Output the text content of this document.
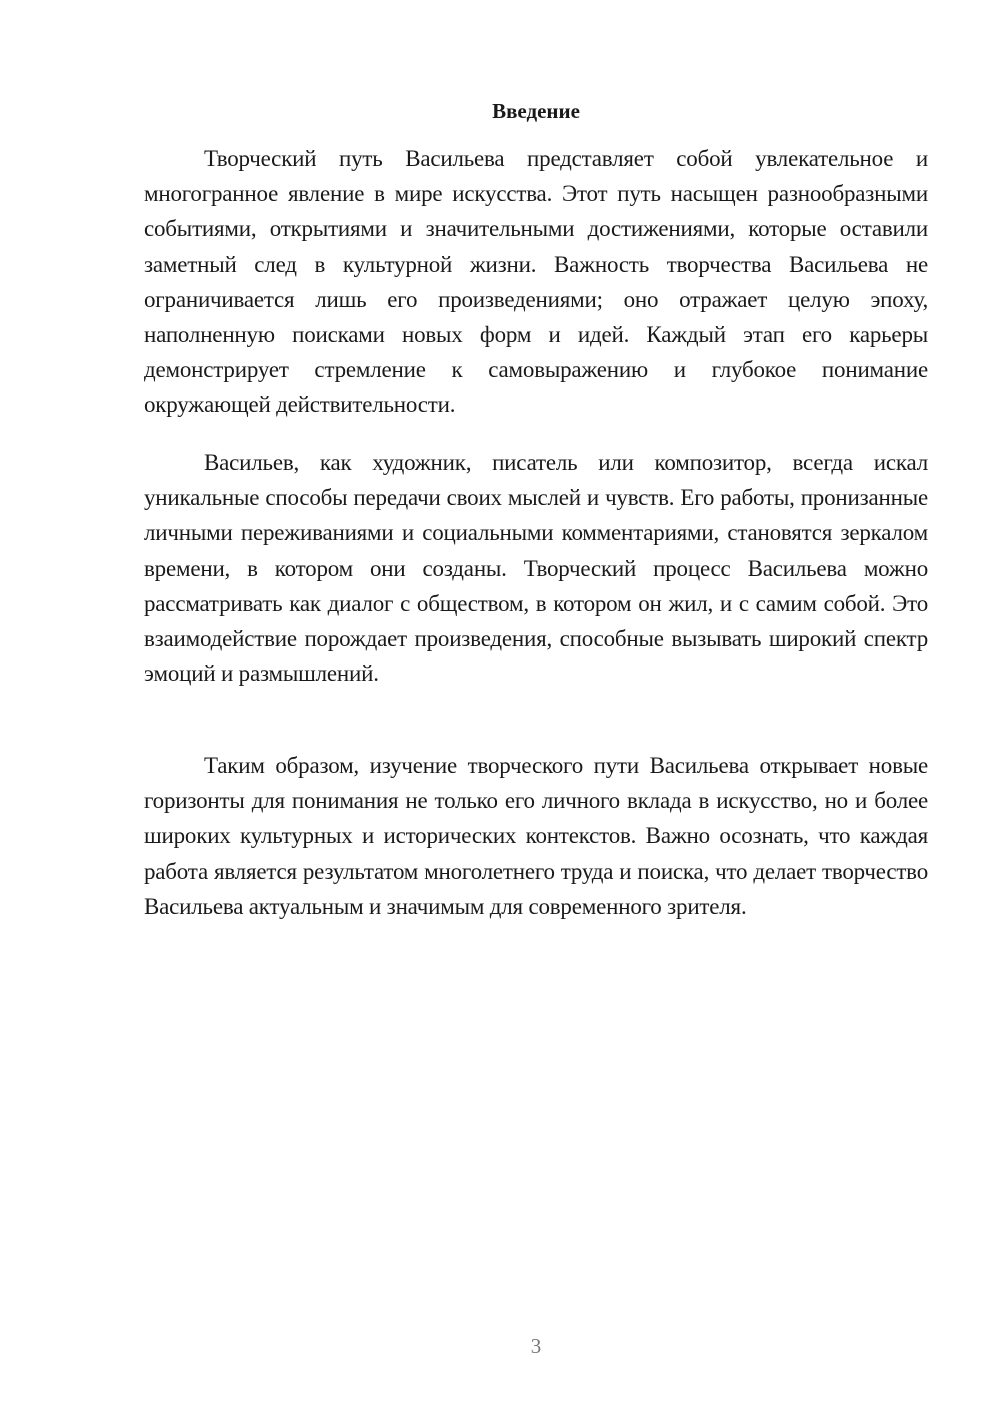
Введение

Творческий путь Васильева представляет собой увлекательное и многогранное явление в мире искусства. Этот путь насыщен разнообразными событиями, открытиями и значительными достижениями, которые оставили заметный след в культурной жизни. Важность творчества Васильева не ограничивается лишь его произведениями; оно отражает целую эпоху, наполненную поисками новых форм и идей. Каждый этап его карьеры демонстрирует стремление к самовыражению и глубокое понимание окружающей действительности.

Васильев, как художник, писатель или композитор, всегда искал уникальные способы передачи своих мыслей и чувств. Его работы, пронизанные личными переживаниями и социальными комментариями, становятся зеркалом времени, в котором они созданы. Творческий процесс Васильева можно рассматривать как диалог с обществом, в котором он жил, и с самим собой. Это взаимодействие порождает произведения, способные вызывать широкий спектр эмоций и размышлений.

Таким образом, изучение творческого пути Васильева открывает новые горизонты для понимания не только его личного вклада в искусство, но и более широких культурных и исторических контекстов. Важно осознать, что каждая работа является результатом многолетнего труда и поиска, что делает творчество Васильева актуальным и значимым для современного зрителя.

3
